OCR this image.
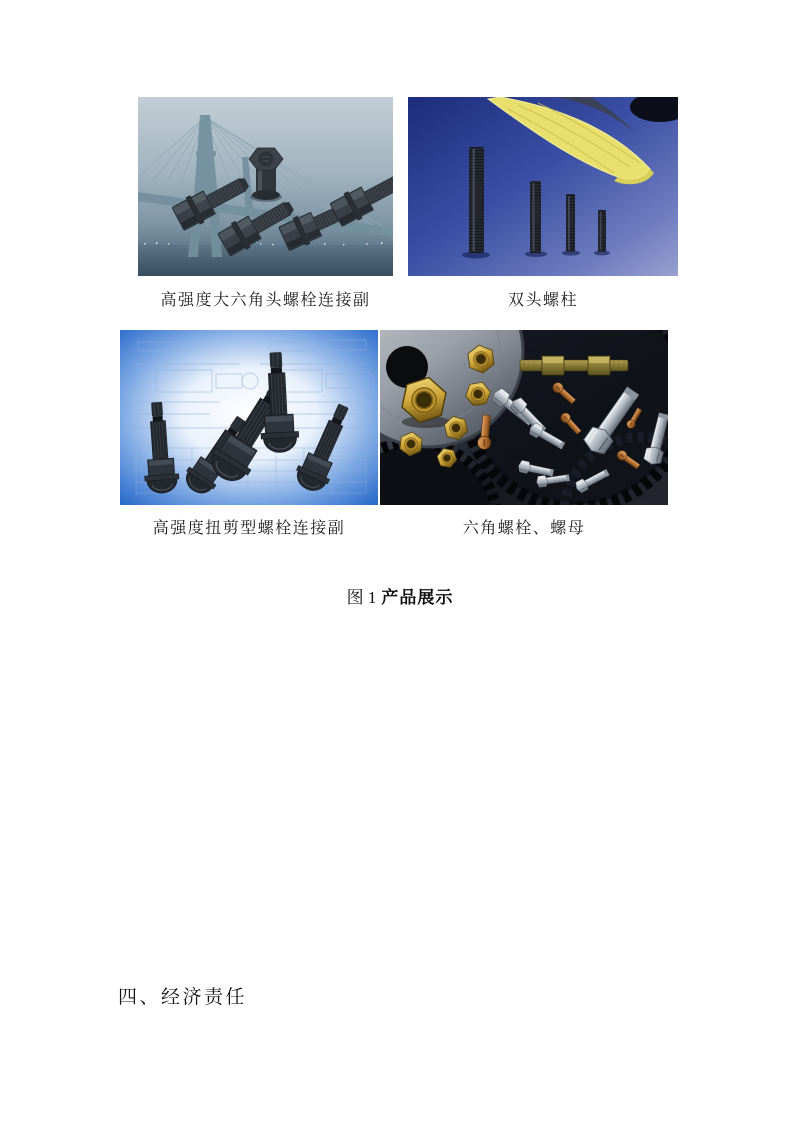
高强度大六角头螺栓连接副	双头螺柱
高强度扭剪型螺栓连接副	六角螺栓、螺母

图 1 产品展示

四、经济责任
